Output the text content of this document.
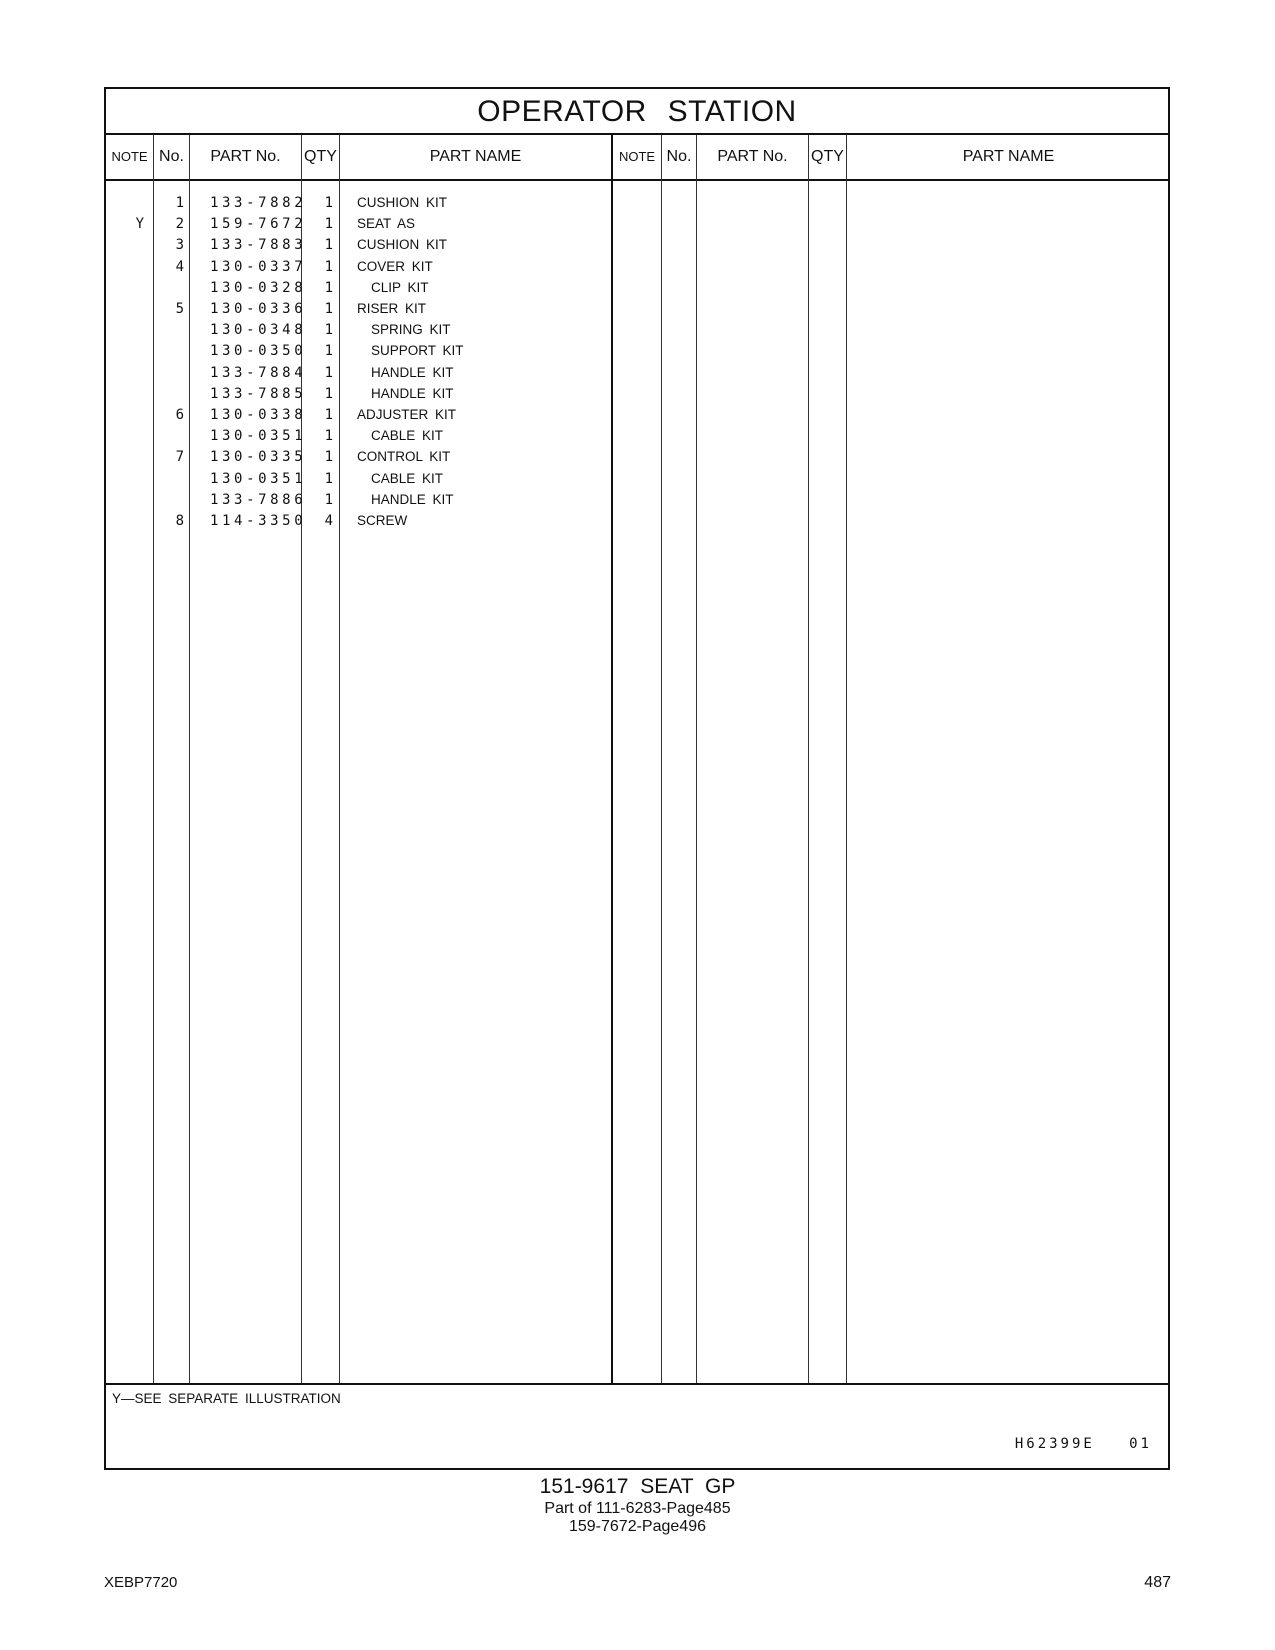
OPERATOR STATION
NOTE No.	PART No.	QTY	PART NAME	NOTE No.	PART No.	QTY	PART NAME
1 133-7882	1 CUSHION KIT
Y	2 159-7672	1 SEAT AS
3 133-7883	1 CUSHION KIT
4 130-0337	1 COVER KIT
130-0328	1	CLIP KIT
5 130-0336	1 RISER KIT
130-0348	1	SPRING KIT
130-0350	1	SUPPORT KIT
133-7884	1	HANDLE KIT
133-7885	1	HANDLE KIT
6 130-0338	1 ADJUSTER KIT
130-0351	1	CABLE KIT
7 130-0335	1 CONTROL KIT
130-0351	1	CABLE KIT
133-7886	1	HANDLE KIT
8 114-3350	4 SCREW
Y—SEE SEPARATE ILLUSTRATION
H62399E   01
151-9617 SEAT GP
Part of 111-6283-Page485
159-7672-Page496
XEBP7720	487
